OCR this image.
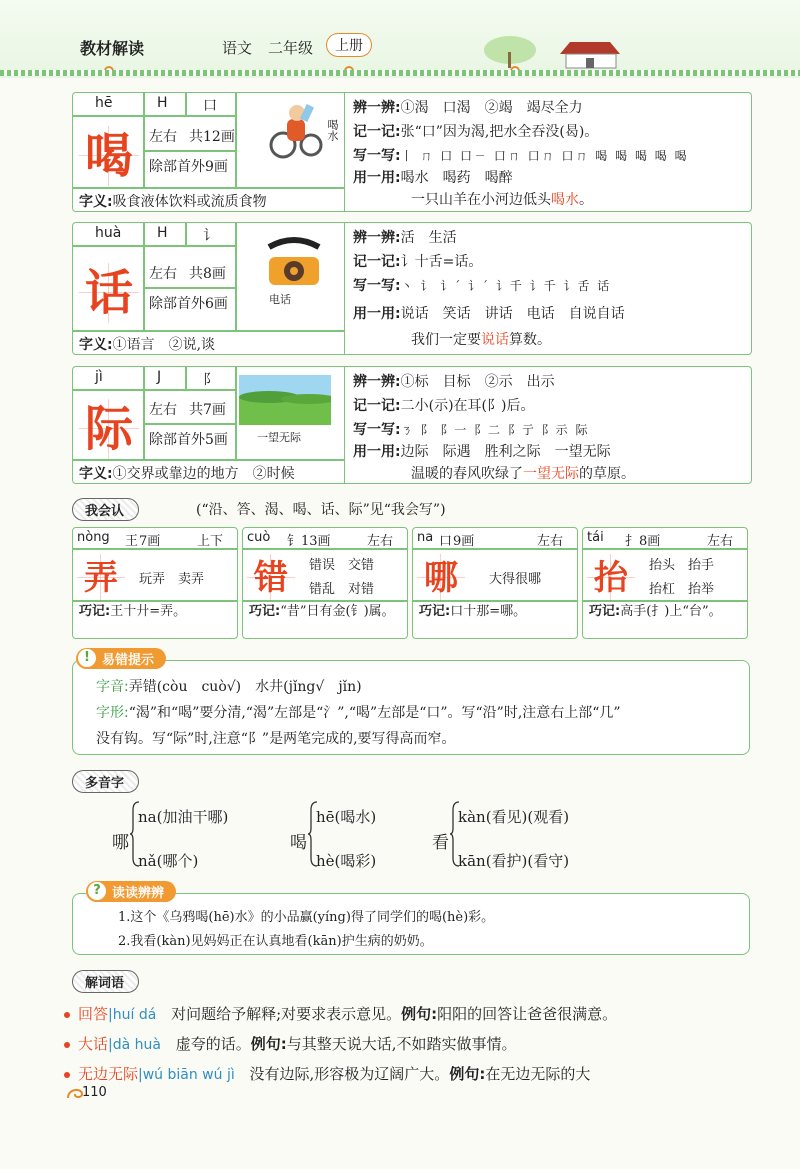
教材解读	语文 二年级	上册
hē	H	口
喝	左右 共12画
除部首外9画
喝水
字义:吸食液体饮料或流质食物
辨一辨:①渴　口渴　②竭　竭尽全力
记一记:张“口”因为渴,把水全吞没(曷)。
写一写:丨 ㄇ 口 口ㄧ 口ㄇ 口ㄇ 口ㄇ 喝 喝 喝 喝 喝
用一用:喝水　喝药　喝醉
一只山羊在小河边低头喝水。
huà	H	讠
话	左右 共8画
除部首外6画	电话
字义:①语言　②说,谈
辨一辨:活　生活
记一记:讠十舌=话。
写一写:丶 讠 讠ˊ 讠ˊ 讠千 讠千 讠舌 话
用一用:说话　笑话　讲话　电话　自说自话
我们一定要说话算数。
jì	J	阝
际	左右 共7画
除部首外5画	一望无际
字义:①交界或靠边的地方　②时候
辨一辨:①标　目标　②示　出示
记一记:二小(示)在耳(阝)后。
写一写:ㄋ 阝 阝一 阝二 阝亍 阝示 际
用一用:边际　际遇　胜利之际　一望无际
温暖的春风吹绿了一望无际的草原。
我会认	(“沿、答、渴、喝、话、际”见“我会写”)
nòng 王 7画	上下
弄	玩弄　卖弄
巧记:王十廾=弄。
cuò 钅 13画	左右
错	错误　交错
错乱　对错
巧记:“昔”日有金(钅)属。
na 口 9画	左右
哪	大得很哪
巧记:口十那=哪。
tái 扌 8画	左右
抬	抬头　抬手
抬杠　抬举
巧记:高手(扌)上“台”。
! 易错提示
字音:弄错(còu　cuò√)　水井(jǐng√　jǐn)
字形:“渴”和“喝”要分清,“渴”左部是“氵”,“喝”左部是“口”。写“沿”时,注意右上部“几”
没有钩。写“际”时,注意“阝”是两笔完成的,要写得高而窄。
多音字
哪
na(加油干哪)
nǎ(哪个)
喝
hē(喝水)
hè(喝彩)
看
kàn(看见)(观看)
kān(看护)(看守)
? 读读辨辨
1.这个《乌鸦喝(hē)水》的小品赢(yíng)得了同学们的喝(hè)彩。
2.我看(kàn)见妈妈正在认真地看(kān)护生病的奶奶。
解词语
回答|huí dá 对问题给予解释;对要求表示意见。例句:阳阳的回答让爸爸很满意。
大话|dà huà 虚夸的话。例句:与其整天说大话,不如踏实做事情。
无边无际|wú biān wú jì 没有边际,形容极为辽阔广大。例句:在无边无际的大
110
